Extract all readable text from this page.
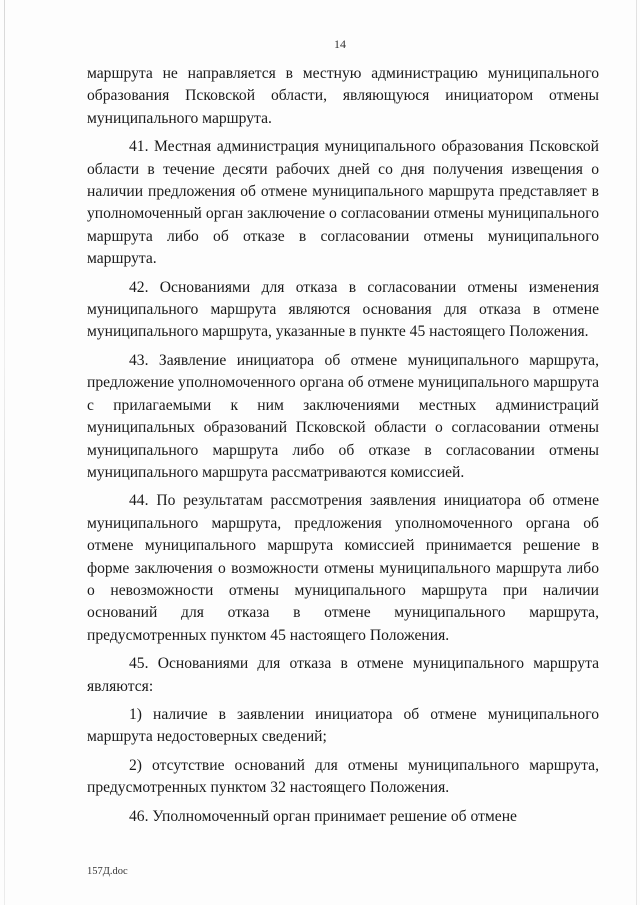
14

маршрута не направляется в местную администрацию муниципального образования Псковской области, являющуюся инициатором отмены муниципального маршрута.

41. Местная администрация муниципального образования Псковской области в течение десяти рабочих дней со дня получения извещения о наличии предложения об отмене муниципального маршрута представляет в уполномоченный орган заключение о согласовании отмены муниципального маршрута либо об отказе в согласовании отмены муниципального маршрута.

42. Основаниями для отказа в согласовании отмены изменения муниципального маршрута являются основания для отказа в отмене муниципального маршрута, указанные в пункте 45 настоящего Положения.

43. Заявление инициатора об отмене муниципального маршрута, предложение уполномоченного органа об отмене муниципального маршрута с прилагаемыми к ним заключениями местных администраций муниципальных образований Псковской области о согласовании отмены муниципального маршрута либо об отказе в согласовании отмены муниципального маршрута рассматриваются комиссией.

44. По результатам рассмотрения заявления инициатора об отмене муниципального маршрута, предложения уполномоченного органа об отмене муниципального маршрута комиссией принимается решение в форме заключения о возможности отмены муниципального маршрута либо о невозможности отмены муниципального маршрута при наличии оснований для отказа в отмене муниципального маршрута, предусмотренных пунктом 45 настоящего Положения.

45. Основаниями для отказа в отмене муниципального маршрута являются:

1) наличие в заявлении инициатора об отмене муниципального маршрута недостоверных сведений;

2) отсутствие оснований для отмены муниципального маршрута, предусмотренных пунктом 32 настоящего Положения.

46. Уполномоченный орган принимает решение об отмене

157Д.doc
